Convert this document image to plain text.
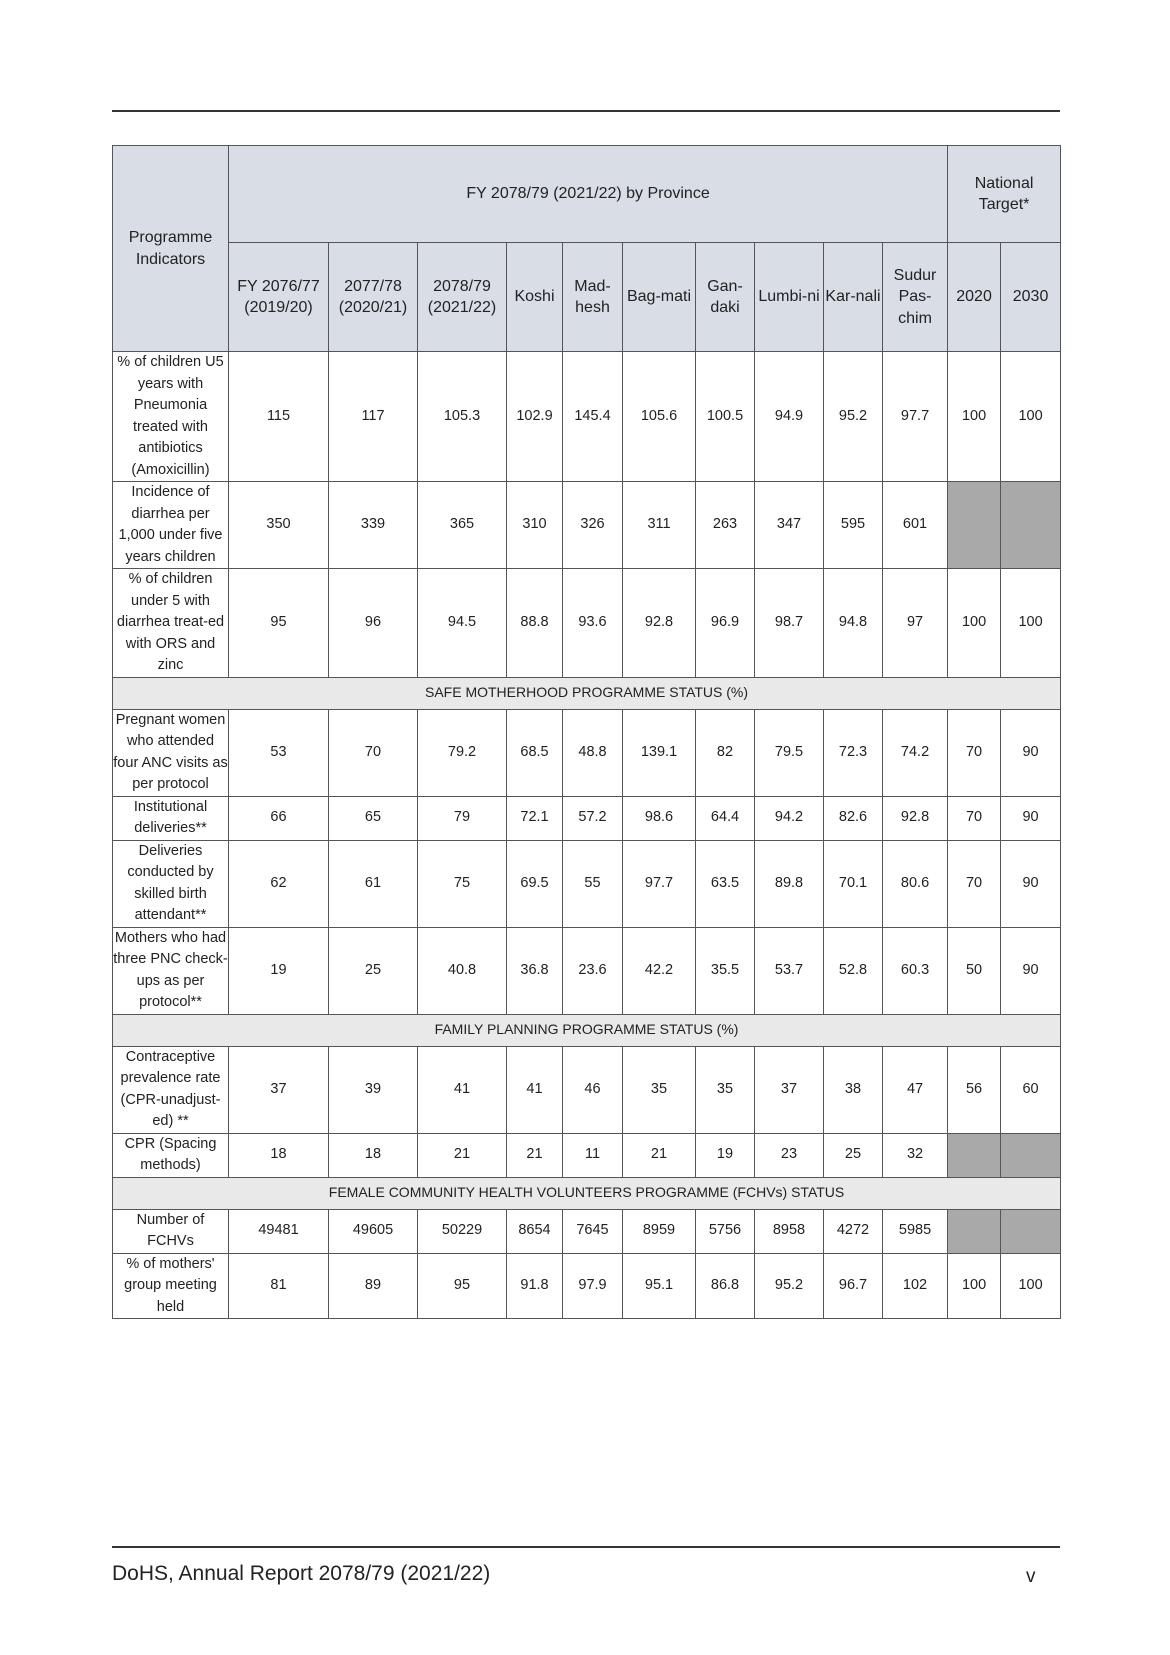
Programme Indicators	FY 2078/79 (2021/22) by Province										National Target*	
	FY 2076/77 (2019/20)	2077/78 (2020/21)	2078/79 (2021/22)	Koshi	Mad-hesh	Bag-mati	Gan-daki	Lumbi-ni	Kar-nali	Sudur Pas-chim	2020	2030
% of children U5 years with Pneumonia treated with antibiotics (Amoxicillin)	115	117	105.3	102.9	145.4	105.6	100.5	94.9	95.2	97.7	100	100
Incidence of diarrhea per 1,000 under five years children	350	339	365	310	326	311	263	347	595	601		
% of children under 5 with diarrhea treat-ed with ORS and zinc	95	96	94.5	88.8	93.6	92.8	96.9	98.7	94.8	97	100	100
SAFE MOTHERHOOD PROGRAMME STATUS (%)												
Pregnant women who attended four ANC visits as per protocol	53	70	79.2	68.5	48.8	139.1	82	79.5	72.3	74.2	70	90
Institutional deliveries**	66	65	79	72.1	57.2	98.6	64.4	94.2	82.6	92.8	70	90
Deliveries conducted by skilled birth attendant**	62	61	75	69.5	55	97.7	63.5	89.8	70.1	80.6	70	90
Mothers who had three PNC check-ups as per protocol**	19	25	40.8	36.8	23.6	42.2	35.5	53.7	52.8	60.3	50	90
FAMILY PLANNING PROGRAMME STATUS (%)												
Contraceptive prevalence rate (CPR-unadjust-ed) **	37	39	41	41	46	35	35	37	38	47	56	60
CPR (Spacing methods)	18	18	21	21	11	21	19	23	25	32		
FEMALE COMMUNITY HEALTH VOLUNTEERS PROGRAMME (FCHVs) STATUS												
Number of FCHVs	49481	49605	50229	8654	7645	8959	5756	8958	4272	5985		
% of mothers' group meeting held	81	89	95	91.8	97.9	95.1	86.8	95.2	96.7	102	100	100
DoHS, Annual Report 2078/79 (2021/22)	v
